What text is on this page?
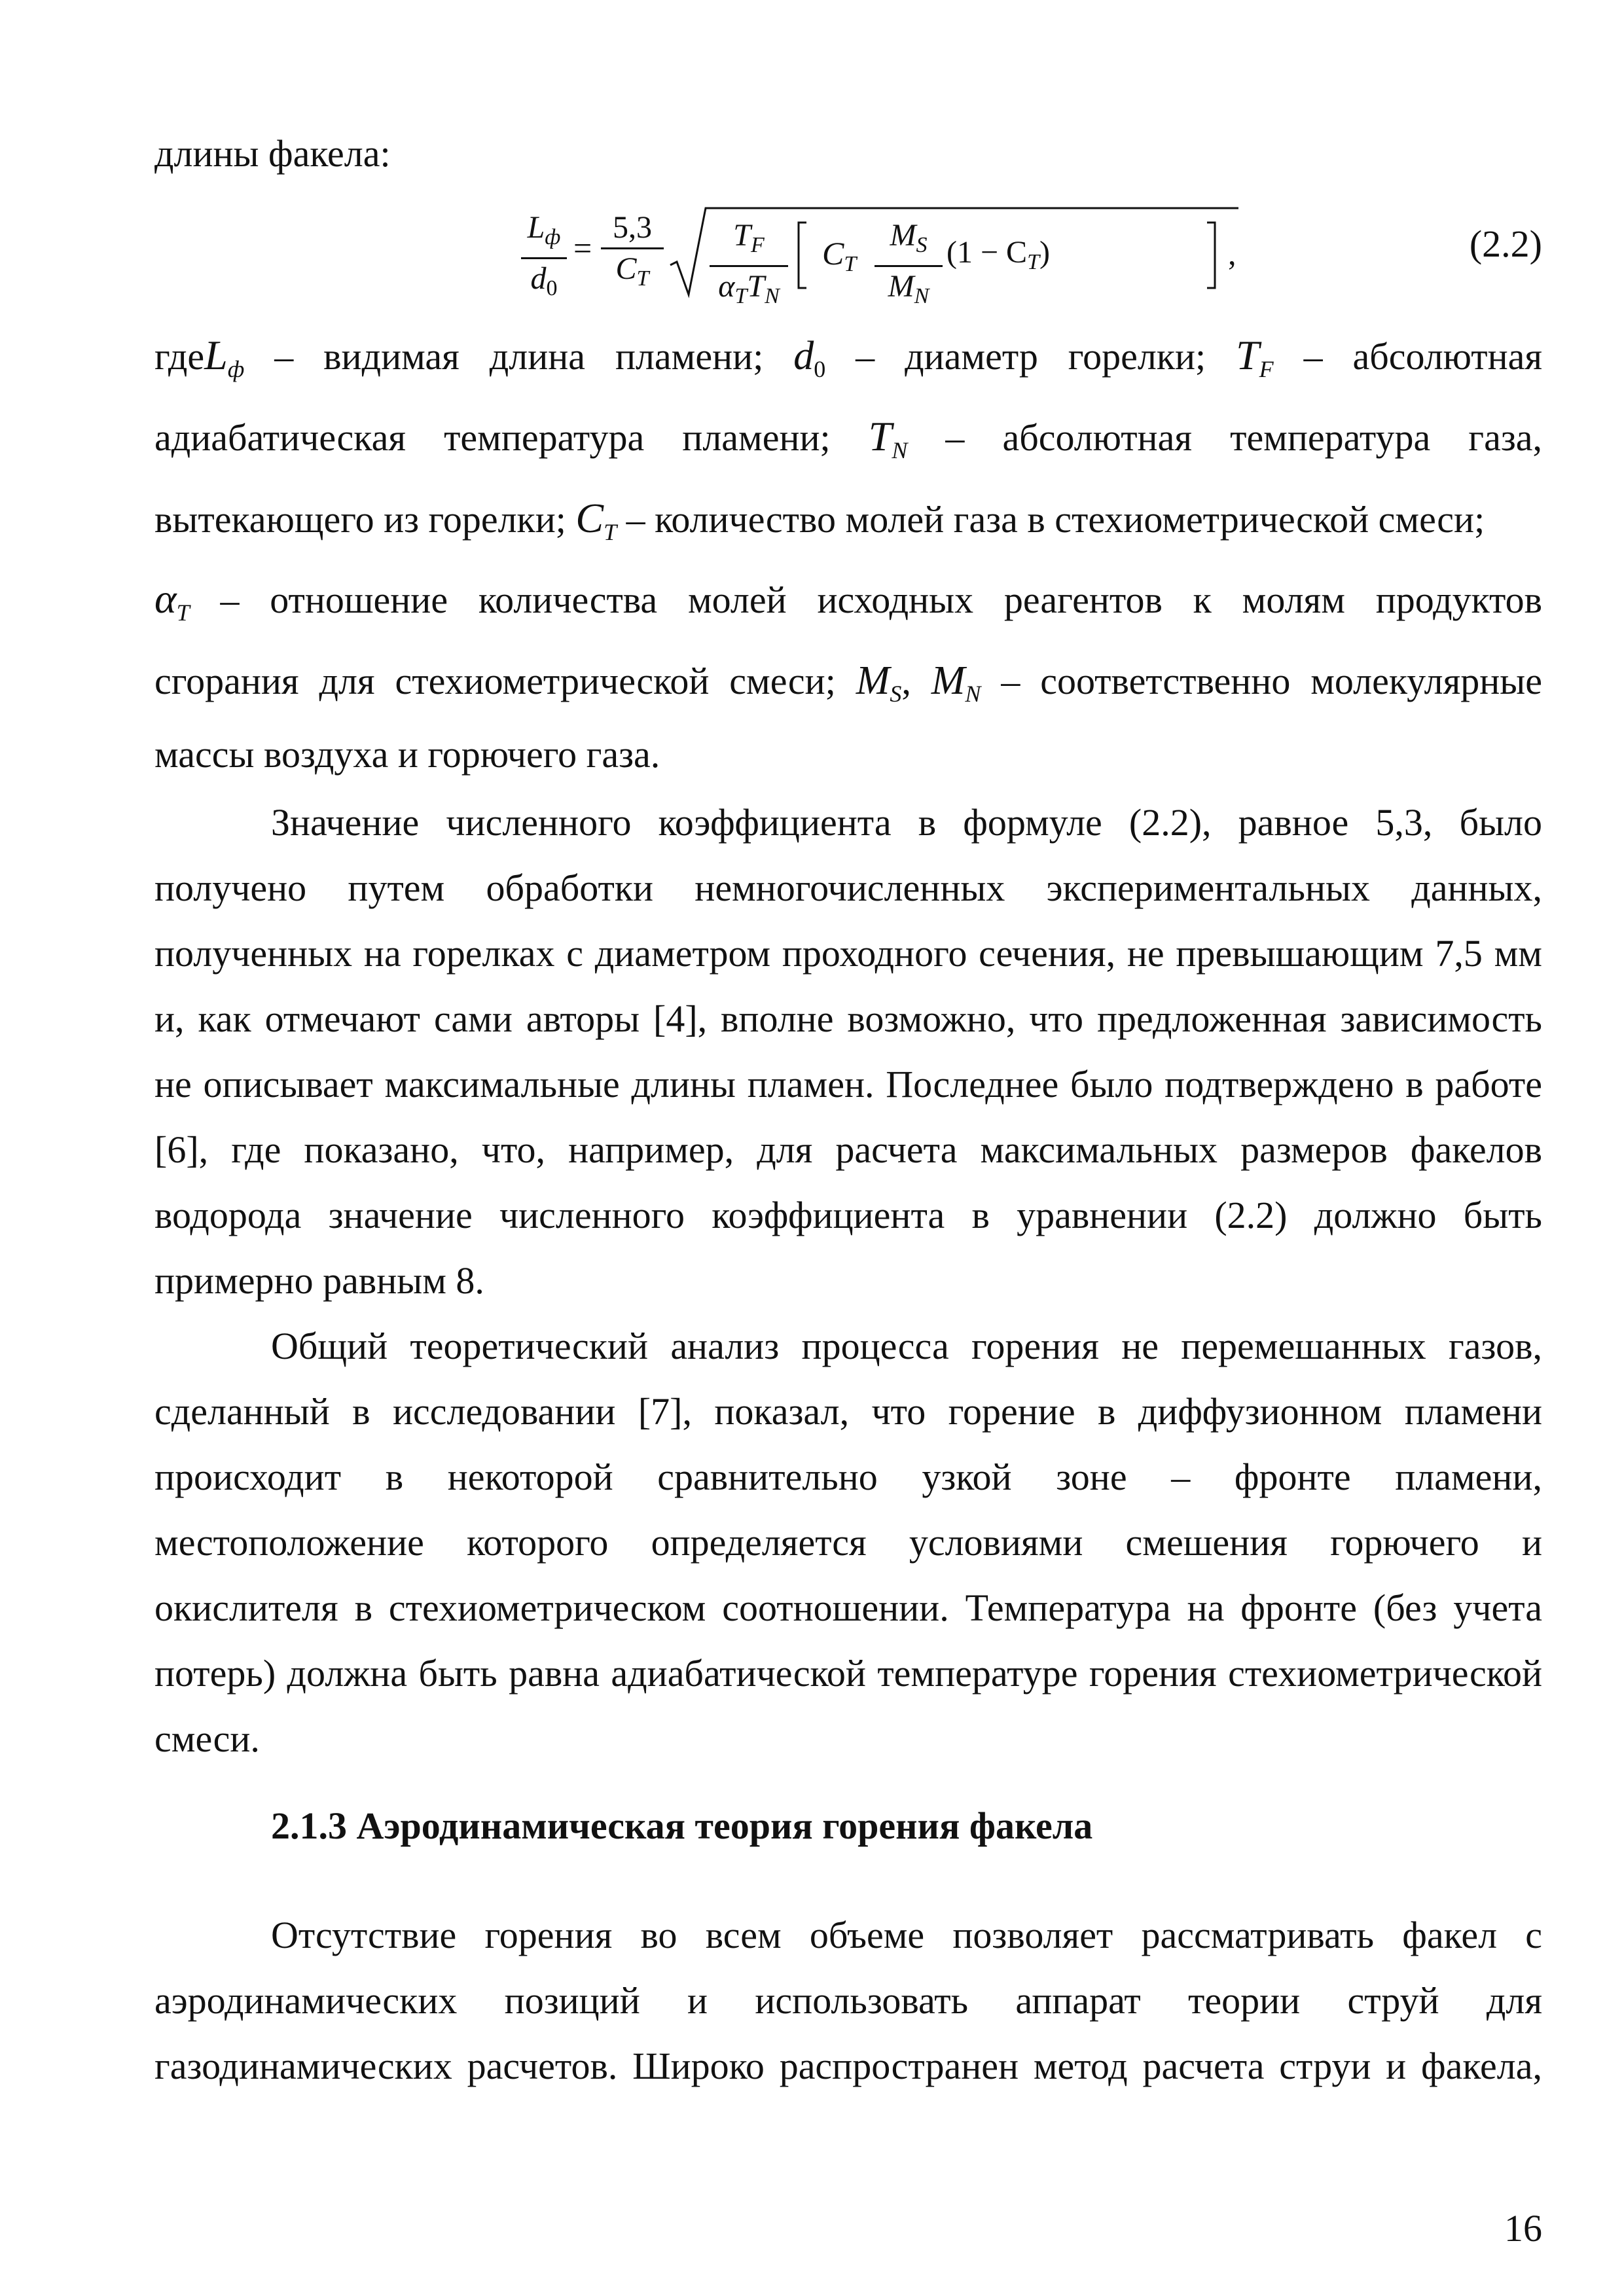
длины факела:
$L_ф$
$d_0$
=
5,3
$C_T$
$T_F$
$\alpha_TT_N$
$C_T$
$M_S$
$M_N$
$(1 - C_T)$	,	(2.2)
гдеL$_ф$ – видимая длина пламени; $d_0$ – диаметр горелки; $T_F$ – абсолютная
адиабатическая температура пламени; $T_N$ – абсолютная температура газа,
вытекающего из горелки; $C_T$ – количество молей газа в стехиометрической смеси;
$\alpha_T$ – отношение количества молей исходных реагентов к молям продуктов
сгорания для стехиометрической смеси; $M_S$, $M_N$ – соответственно молекулярные
массы воздуха и горючего газа.
Значение численного коэффициента в формуле (2.2), равное 5,3, было
получено путем обработки немногочисленных экспериментальных данных,
полученных на горелках с диаметром проходного сечения, не превышающим 7,5 мм
и, как отмечают сами авторы [4], вполне возможно, что предложенная зависимость
не описывает максимальные длины пламен. Последнее было подтверждено в работе
[6], где показано, что, например, для расчета максимальных размеров факелов
водорода значение численного коэффициента в уравнении (2.2) должно быть
примерно равным 8.
Общий теоретический анализ процесса горения не перемешанных газов,
сделанный в исследовании [7], показал, что горение в диффузионном пламени
происходит в некоторой сравнительно узкой зоне – фронте пламени,
местоположение которого определяется условиями смешения горючего и
окислителя в стехиометрическом соотношении. Температура на фронте (без учета
потерь) должна быть равна адиабатической температуре горения стехиометрической
смеси.
2.1.3 Аэродинамическая теория горения факела
Отсутствие горения во всем объеме позволяет рассматривать факел с
аэродинамических позиций и использовать аппарат теории струй для
газодинамических расчетов. Широко распространен метод расчета струи и факела,
16
